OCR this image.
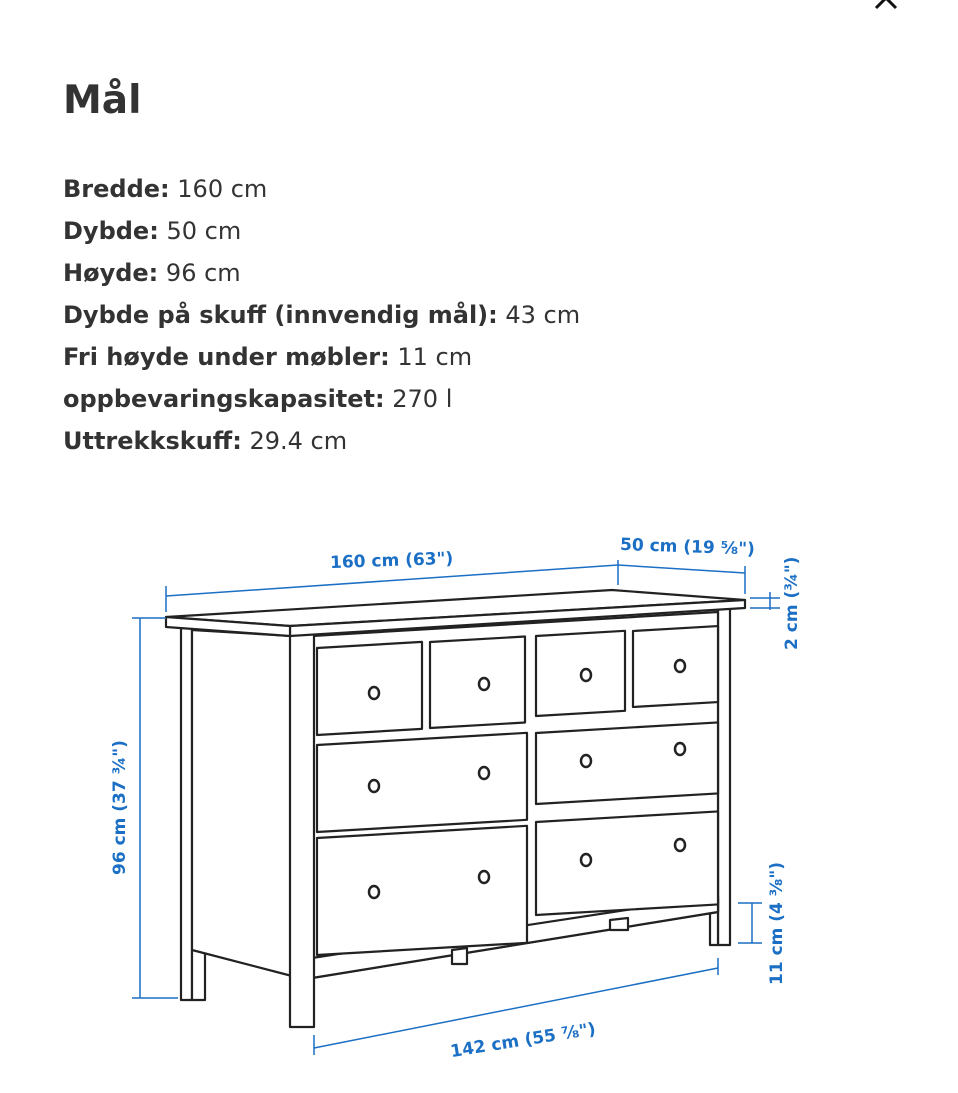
Mål
Bredde: 160 cm
Dybde: 50 cm
Høyde: 96 cm
Dybde på skuff (innvendig mål): 43 cm
Fri høyde under møbler: 11 cm
oppbevaringskapasitet: 270 l
Uttrekkskuff: 29.4 cm
160 cm (63")
50 cm (19 ⅝")
2 cm (¾")
96 cm (37 ¾")
11 cm (4 ⅜")
142 cm (55 ⅞")
